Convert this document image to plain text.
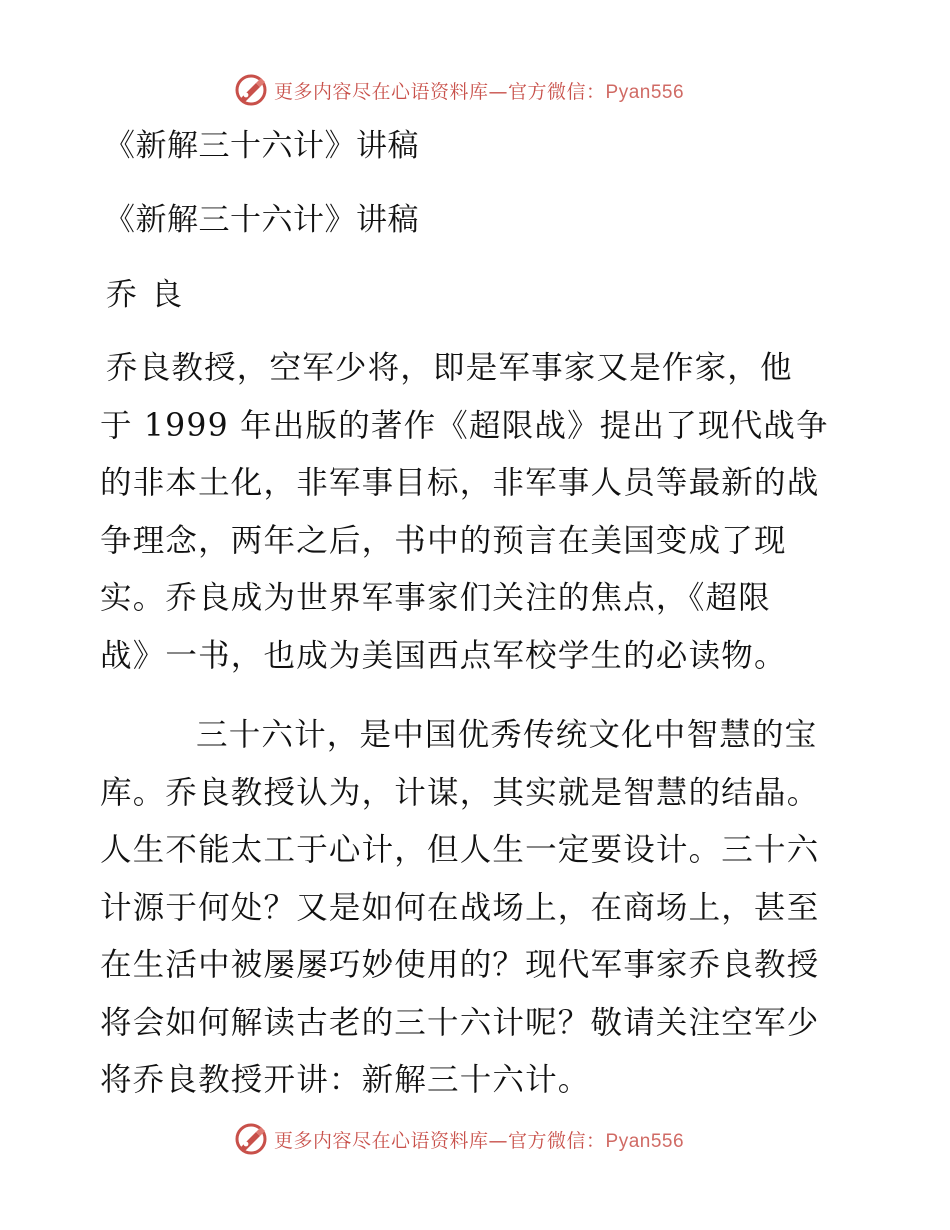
更多内容尽在心语资料库—官方微信：Pyan556
《新解三十六计》讲稿
《新解三十六计》讲稿
乔良
乔良教授，空军少将，即是军事家又是作家，他
于 1999 年出版的著作《超限战》提出了现代战争
的非本土化，非军事目标，非军事人员等最新的战
争理念，两年之后，书中的预言在美国变成了现
实。乔良成为世界军事家们关注的焦点，《超限
战》一书，也成为美国西点军校学生的必读物。
三十六计，是中国优秀传统文化中智慧的宝
库。乔良教授认为，计谋，其实就是智慧的结晶。
人生不能太工于心计，但人生一定要设计。三十六
计源于何处？又是如何在战场上，在商场上，甚至
在生活中被屡屡巧妙使用的？现代军事家乔良教授
将会如何解读古老的三十六计呢？敬请关注空军少
将乔良教授开讲：新解三十六计。
更多内容尽在心语资料库—官方微信：Pyan556
